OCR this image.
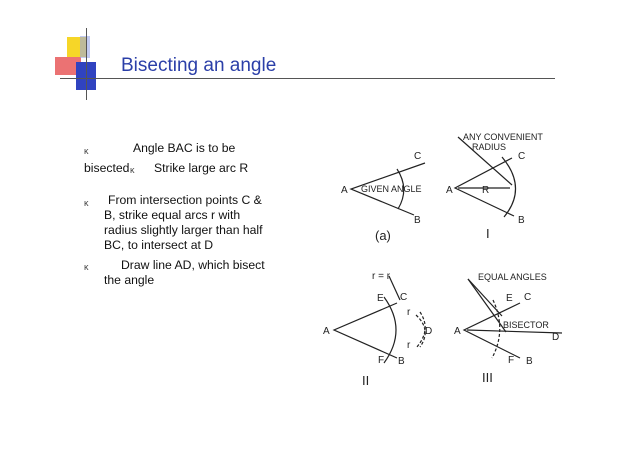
Bisecting an angle
ĸ	Angle BAC is to be
bisected ĸ Strike large arc R
ĸ From intersection points C &
B, strike equal arcs r with
radius slightly larger than half
BC, to intersect at D
ĸ	Draw line AD, which bisect
the angle
A
C
B
GIVEN ANGLE
(a)
A
C
B
R
ANY CONVENIENT
RADIUS
I
r = r
A
E C
F B
D
r
r
II
EQUAL ANGLES
A
E C
F B
BISECTOR
D
III
